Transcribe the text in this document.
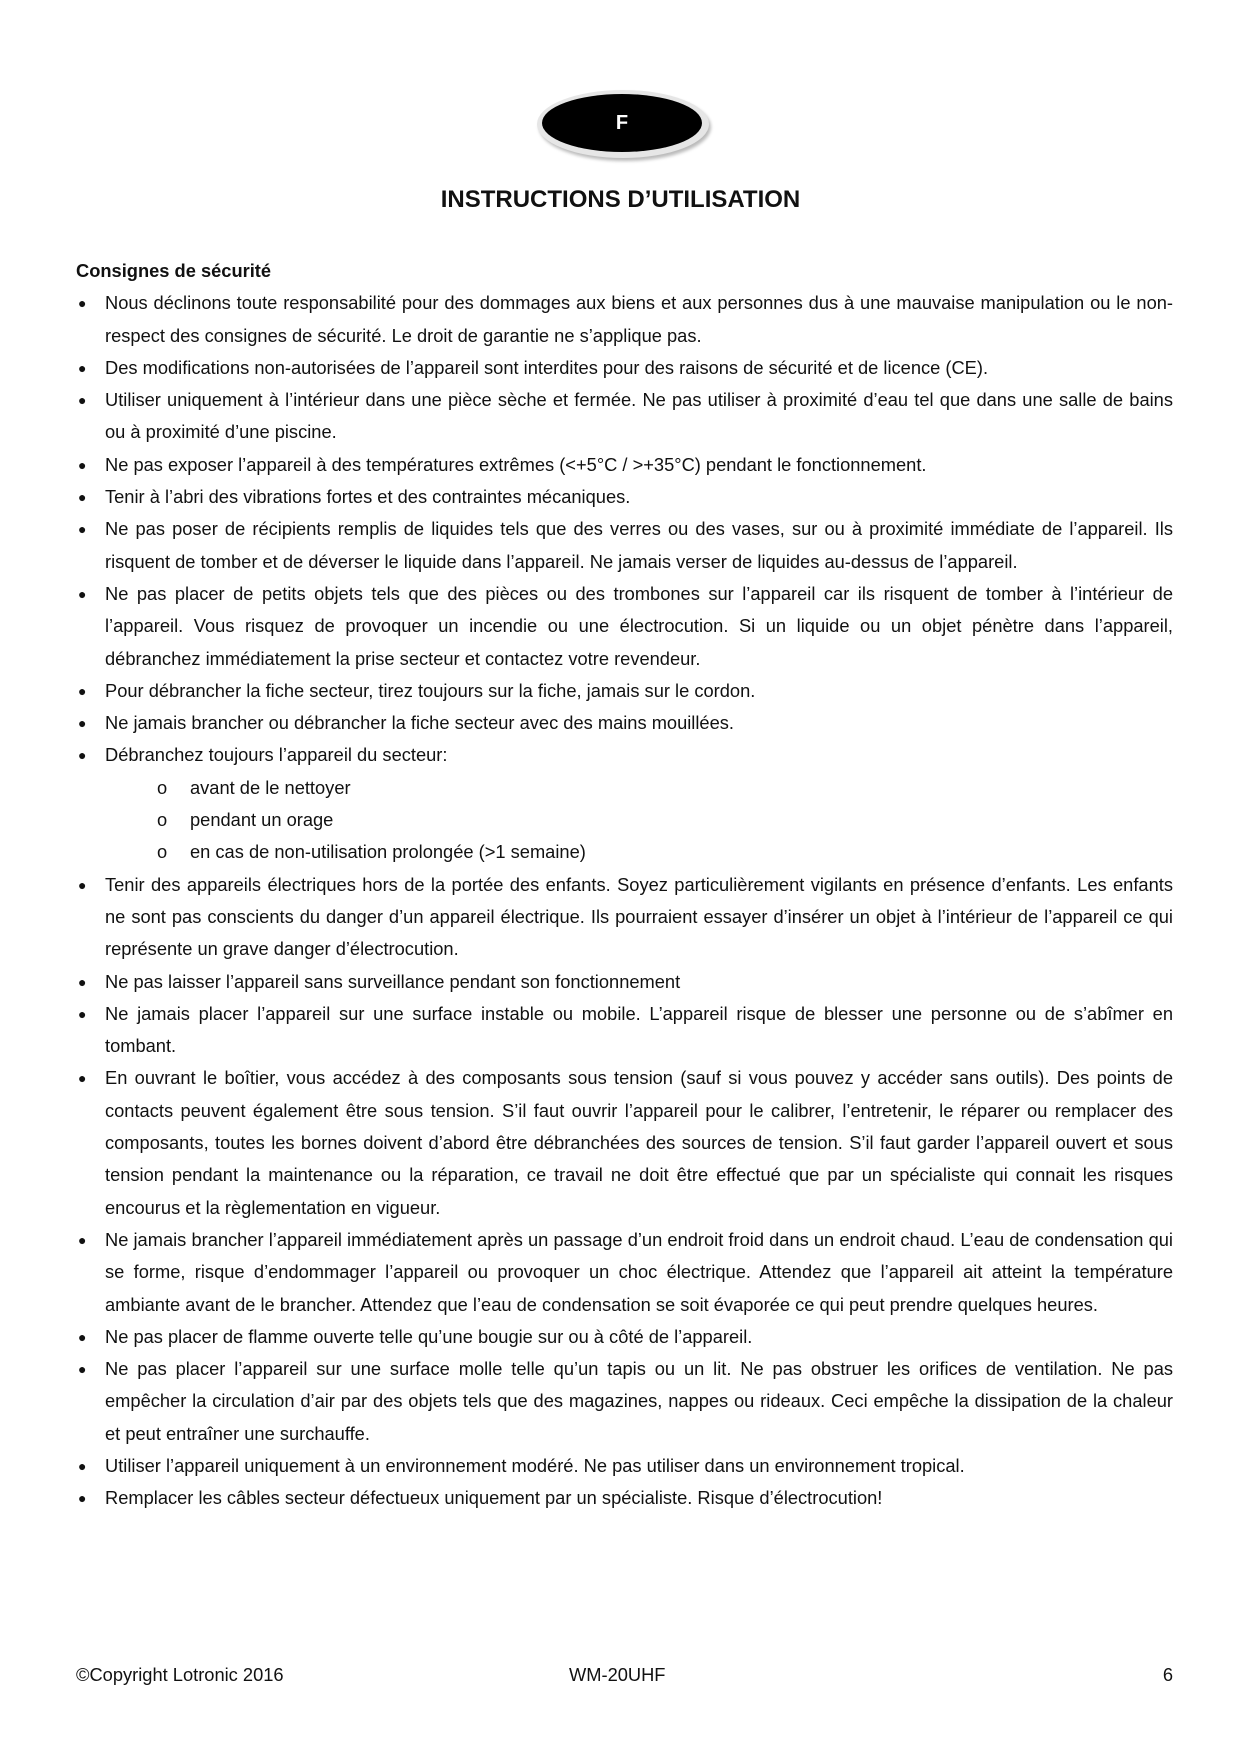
F
INSTRUCTIONS D’UTILISATION
Consignes de sécurité
● Nous déclinons toute responsabilité pour des dommages aux biens et aux personnes dus à une mauvaise manipulation ou le non-respect des consignes de sécurité. Le droit de garantie ne s’applique pas.
● Des modifications non-autorisées de l’appareil sont interdites pour des raisons de sécurité et de licence (CE).
● Utiliser uniquement à l’intérieur dans une pièce sèche et fermée. Ne pas utiliser à proximité d’eau tel que dans une salle de bains ou à proximité d’une piscine.
● Ne pas exposer l’appareil à des températures extrêmes (<+5°C / >+35°C) pendant le fonctionnement.
● Tenir à l’abri des vibrations fortes et des contraintes mécaniques.
● Ne pas poser de récipients remplis de liquides tels que des verres ou des vases, sur ou à proximité immédiate de l’appareil. Ils risquent de tomber et de déverser le liquide dans l’appareil. Ne jamais verser de liquides au-dessus de l’appareil.
● Ne pas placer de petits objets tels que des pièces ou des trombones sur l’appareil car ils risquent de tomber à l’intérieur de l’appareil. Vous risquez de provoquer un incendie ou une électrocution. Si un liquide ou un objet pénètre dans l’appareil, débranchez immédiatement la prise secteur et contactez votre revendeur.
● Pour débrancher la fiche secteur, tirez toujours sur la fiche, jamais sur le cordon.
● Ne jamais brancher ou débrancher la fiche secteur avec des mains mouillées.
● Débranchez toujours l’appareil du secteur:
o avant de le nettoyer
o pendant un orage
o en cas de non-utilisation prolongée (>1 semaine)
● Tenir des appareils électriques hors de la portée des enfants. Soyez particulièrement vigilants en présence d’enfants. Les enfants ne sont pas conscients du danger d’un appareil électrique. Ils pourraient essayer d’insérer un objet à l’intérieur de l’appareil ce qui représente un grave danger d’électrocution.
● Ne pas laisser l’appareil sans surveillance pendant son fonctionnement
● Ne jamais placer l’appareil sur une surface instable ou mobile. L’appareil risque de blesser une personne ou de s’abîmer en tombant.
● En ouvrant le boîtier, vous accédez à des composants sous tension (sauf si vous pouvez y accéder sans outils). Des points de contacts peuvent également être sous tension. S’il faut ouvrir l’appareil pour le calibrer, l’entretenir, le réparer ou remplacer des composants, toutes les bornes doivent d’abord être débranchées des sources de tension. S’il faut garder l’appareil ouvert et sous tension pendant la maintenance ou la réparation, ce travail ne doit être effectué que par un spécialiste qui connait les risques encourus et la règlementation en vigueur.
● Ne jamais brancher l’appareil immédiatement après un passage d’un endroit froid dans un endroit chaud. L’eau de condensation qui se forme, risque d’endommager l’appareil ou provoquer un choc électrique. Attendez que l’appareil ait atteint la température ambiante avant de le brancher. Attendez que l’eau de condensation se soit évaporée ce qui peut prendre quelques heures.
● Ne pas placer de flamme ouverte telle qu’une bougie sur ou à côté de l’appareil.
● Ne pas placer l’appareil sur une surface molle telle qu’un tapis ou un lit. Ne pas obstruer les orifices de ventilation. Ne pas empêcher la circulation d’air par des objets tels que des magazines, nappes ou rideaux. Ceci empêche la dissipation de la chaleur et peut entraîner une surchauffe.
● Utiliser l’appareil uniquement à un environnement modéré. Ne pas utiliser dans un environnement tropical.
● Remplacer les câbles secteur défectueux uniquement par un spécialiste. Risque d’électrocution!
©Copyright Lotronic 2016	WM-20UHF	6
